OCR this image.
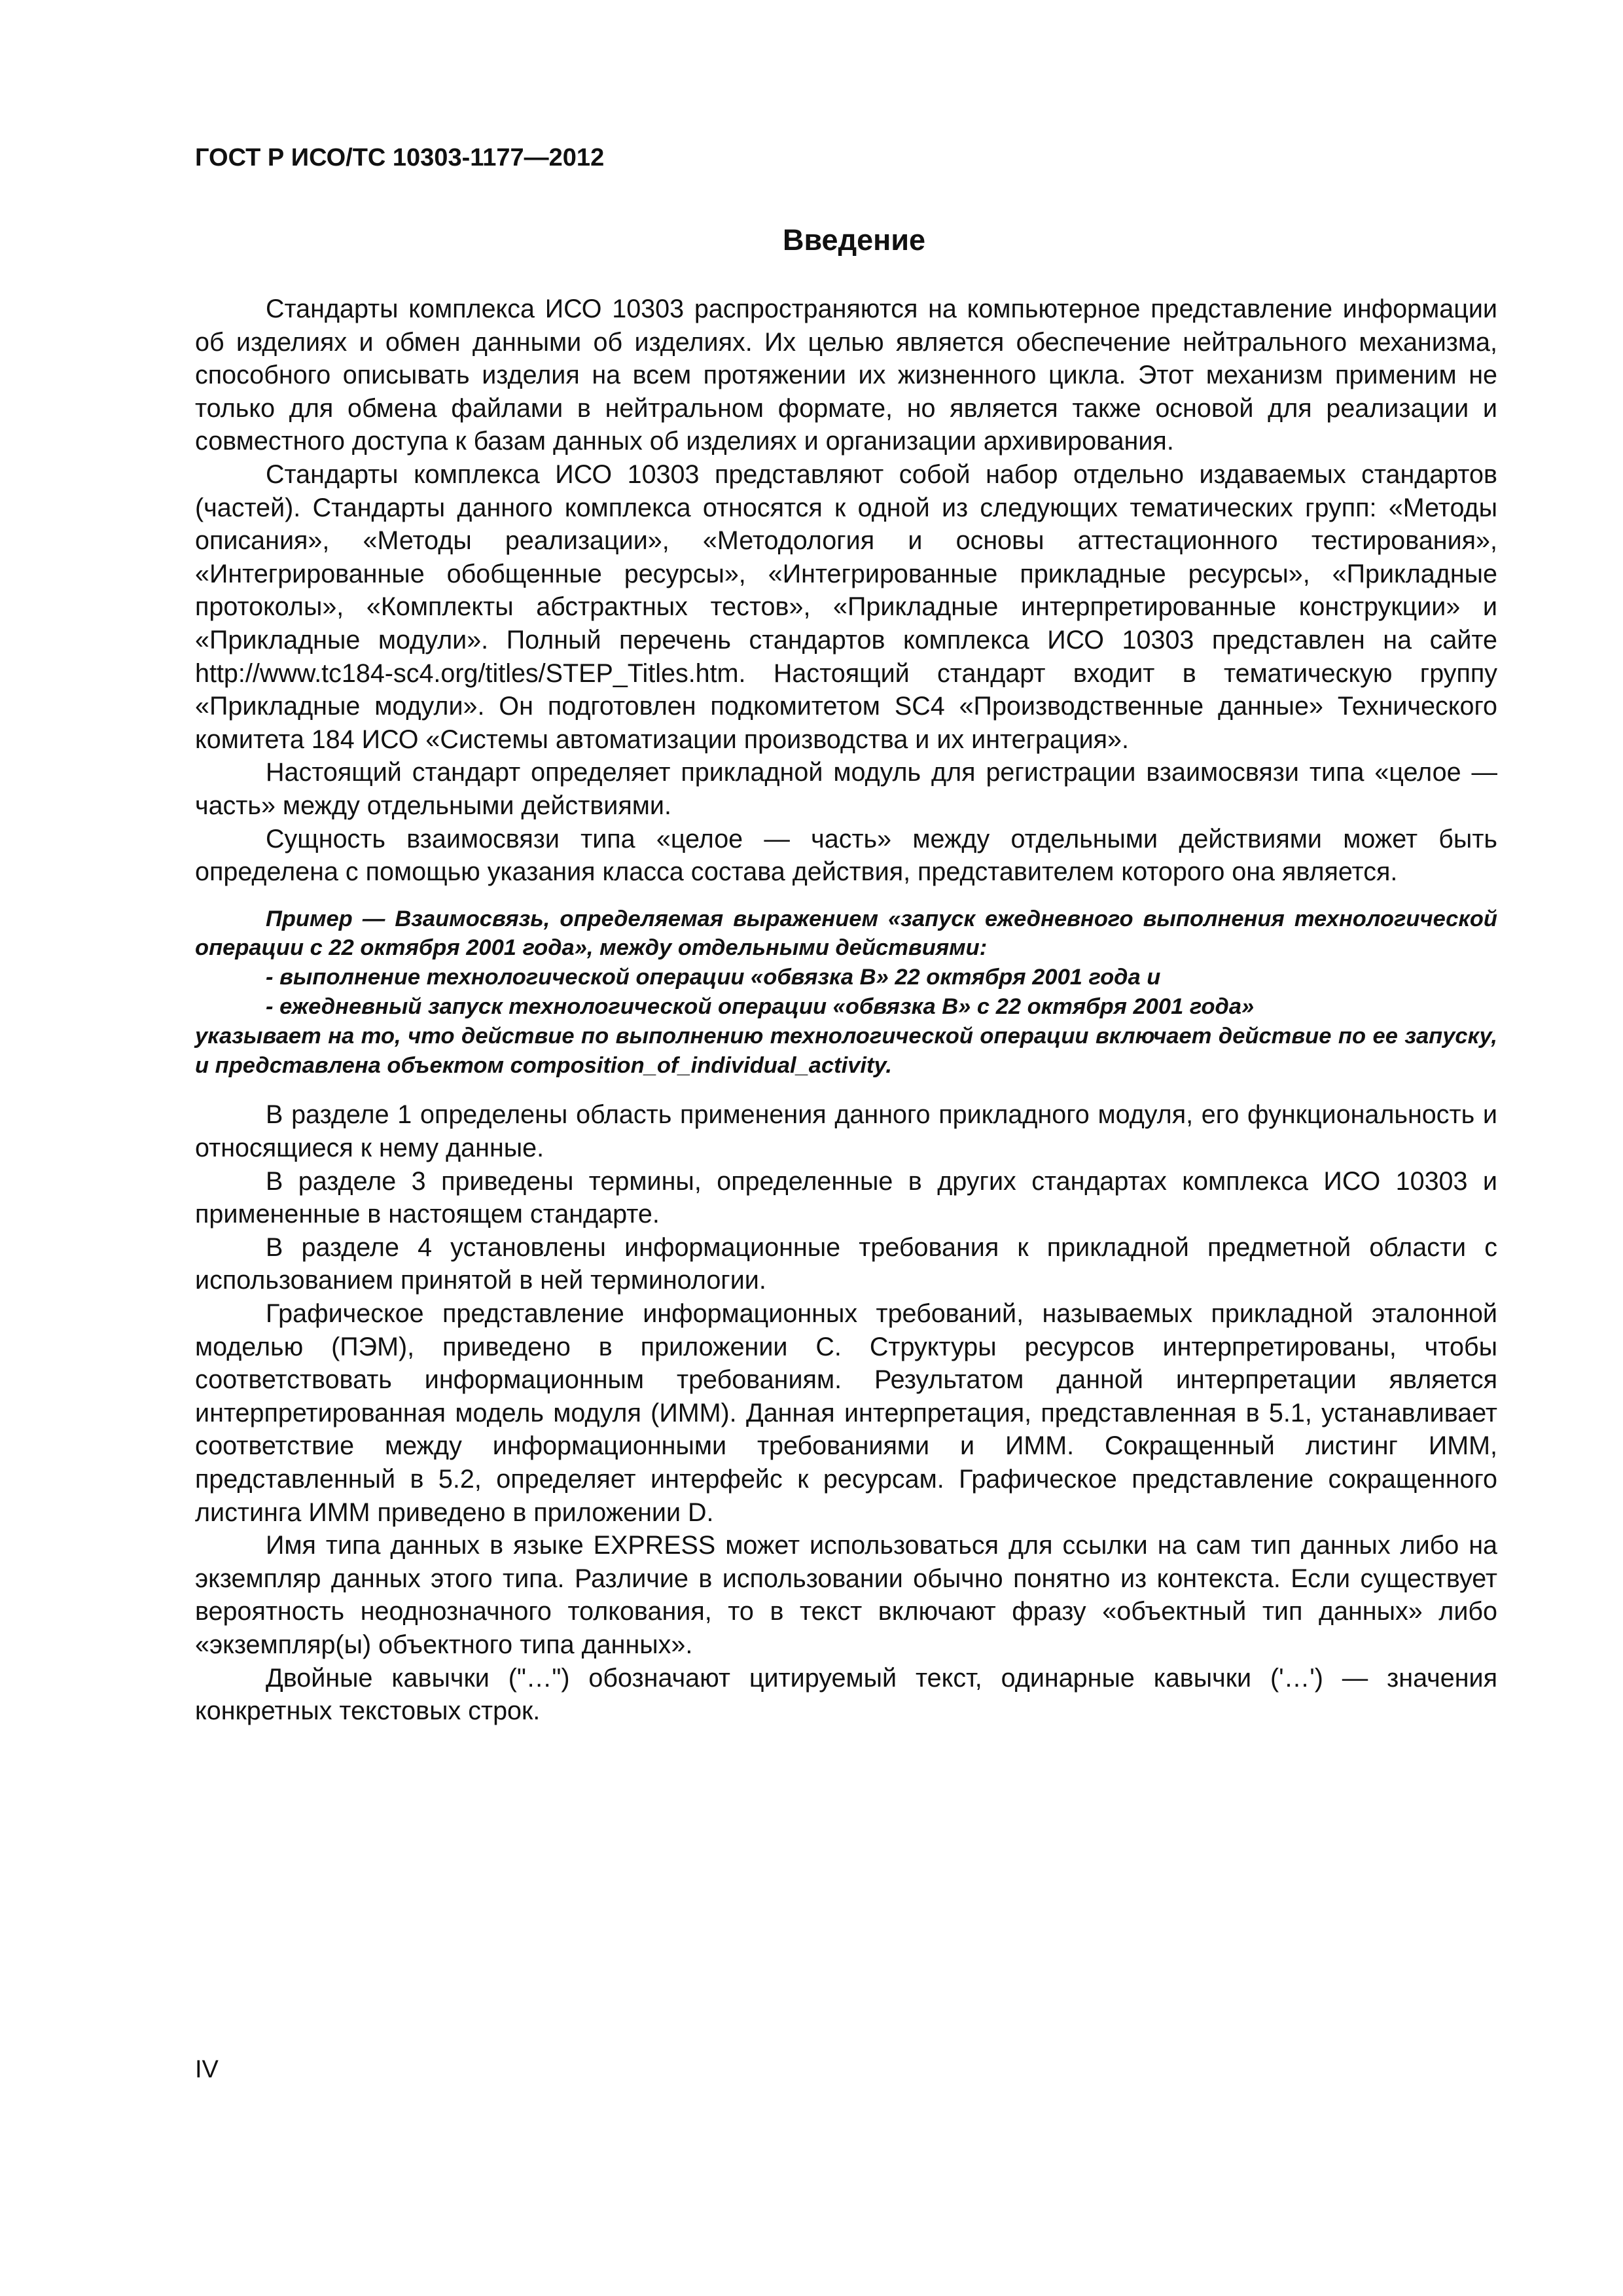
ГОСТ Р ИСО/ТС 10303-1177—2012
Введение

Стандарты комплекса ИСО 10303 распространяются на компьютерное представление информации об изделиях и обмен данными об изделиях. Их целью является обеспечение нейтрального механизма, способного описывать изделия на всем протяжении их жизненного цикла. Этот механизм применим не только для обмена файлами в нейтральном формате, но является также основой для реализации и совместного доступа к базам данных об изделиях и организации архивирования.

Стандарты комплекса ИСО 10303 представляют собой набор отдельно издаваемых стандартов (частей). Стандарты данного комплекса относятся к одной из следующих тематических групп: «Методы описания», «Методы реализации», «Методология и основы аттестационного тестирования», «Интегрированные обобщенные ресурсы», «Интегрированные прикладные ресурсы», «Прикладные протоколы», «Комплекты абстрактных тестов», «Прикладные интерпретированные конструкции» и «Прикладные модули». Полный перечень стандартов комплекса ИСО 10303 представлен на сайте http://www.tc184-sc4.org/titles/STEP_Titles.htm. Настоящий стандарт входит в тематическую группу «Прикладные модули». Он подготовлен подкомитетом SC4 «Производственные данные» Технического комитета 184 ИСО «Системы автоматизации производства и их интеграция».

Настоящий стандарт определяет прикладной модуль для регистрации взаимосвязи типа «целое — часть» между отдельными действиями.

Сущность взаимосвязи типа «целое — часть» между отдельными действиями может быть определена с помощью указания класса состава действия, представителем которого она является.

Пример — Взаимосвязь, определяемая выражением «запуск ежедневного выполнения технологической операции с 22 октября 2001 года», между отдельными действиями:

- выполнение технологической операции «обвязка B» 22 октября 2001 года и

- ежедневный запуск технологической операции «обвязка B» с 22 октября 2001 года»

указывает на то, что действие по выполнению технологической операции включает действие по ее запуску, и представлена объектом composition_of_individual_activity.

В разделе 1 определены область применения данного прикладного модуля, его функциональность и относящиеся к нему данные.

В разделе 3 приведены термины, определенные в других стандартах комплекса ИСО 10303 и примененные в настоящем стандарте.

В разделе 4 установлены информационные требования к прикладной предметной области с использованием принятой в ней терминологии.

Графическое представление информационных требований, называемых прикладной эталонной моделью (ПЭМ), приведено в приложении C. Структуры ресурсов интерпретированы, чтобы соответствовать информационным требованиям. Результатом данной интерпретации является интерпретированная модель модуля (ИММ). Данная интерпретация, представленная в 5.1, устанавливает соответствие между информационными требованиями и ИММ. Сокращенный листинг ИММ, представленный в 5.2, определяет интерфейс к ресурсам. Графическое представление сокращенного листинга ИММ приведено в приложении D.

Имя типа данных в языке EXPRESS может использоваться для ссылки на сам тип данных либо на экземпляр данных этого типа. Различие в использовании обычно понятно из контекста. Если существует вероятность неоднозначного толкования, то в текст включают фразу «объектный тип данных» либо «экземпляр(ы) объектного типа данных».

Двойные кавычки ("…") обозначают цитируемый текст, одинарные кавычки ('…') — значения конкретных текстовых строк.

IV
